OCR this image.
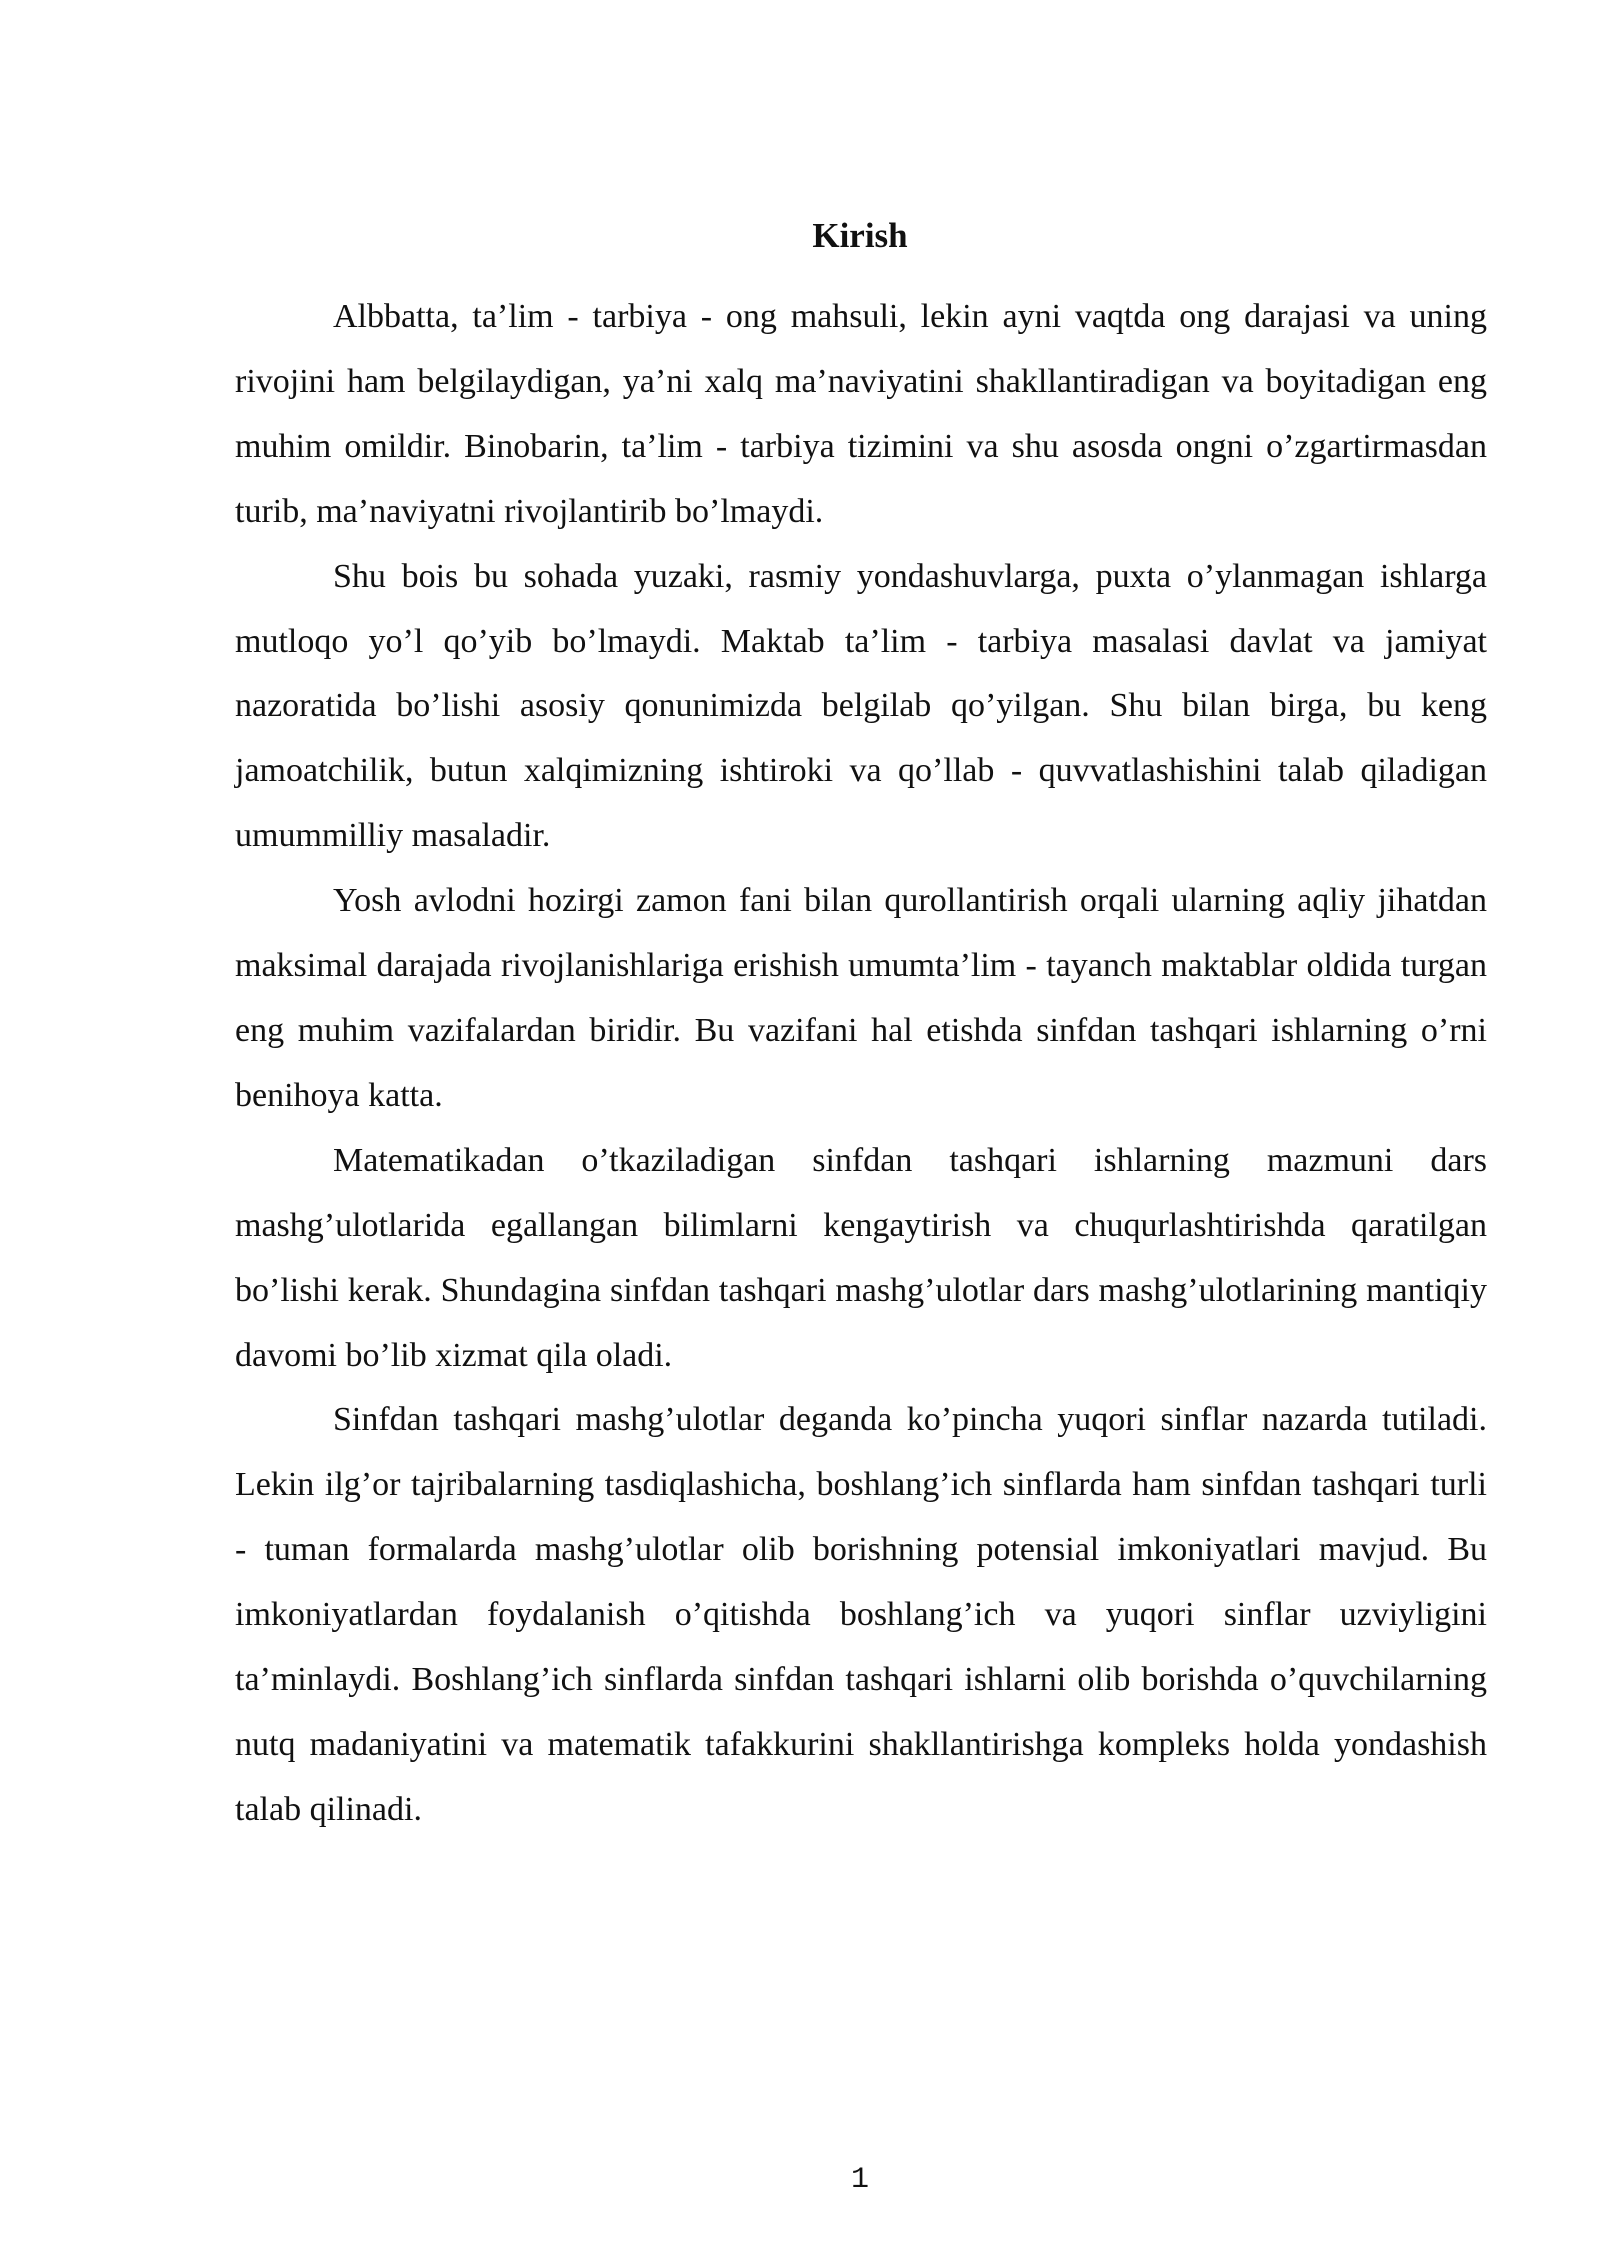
Kirish

Albbatta, ta’lim - tarbiya - ong mahsuli, lekin ayni vaqtda ong darajasi va uning rivojini ham belgilaydigan, ya’ni xalq ma’naviyatini shakllantiradigan va boyitadigan eng muhim omildir. Binobarin, ta’lim - tarbiya tizimini va shu asosda ongni o’zgartirmasdan turib, ma’naviyatni rivojlantirib bo’lmaydi.

Shu bois bu sohada yuzaki, rasmiy yondashuvlarga, puxta o’ylanmagan ishlarga mutloqo yo’l qo’yib bo’lmaydi. Maktab ta’lim - tarbiya masalasi davlat va jamiyat nazoratida bo’lishi asosiy qonunimizda belgilab qo’yilgan. Shu bilan birga, bu keng jamoatchilik, butun xalqimizning ishtiroki va qo’llab - quvvatlashishini talab qiladigan umummilliy masaladir.

Yosh avlodni hozirgi zamon fani bilan qurollantirish orqali ularning aqliy jihatdan maksimal darajada rivojlanishlariga erishish umumta’lim - tayanch maktablar oldida turgan eng muhim vazifalardan biridir. Bu vazifani hal etishda sinfdan tashqari ishlarning o’rni benihoya katta.

Matematikadan o’tkaziladigan sinfdan tashqari ishlarning mazmuni dars mashg’ulotlarida egallangan bilimlarni kengaytirish va chuqurlashtirishda qaratilgan bo’lishi kerak. Shundagina sinfdan tashqari mashg’ulotlar dars mashg’ulotlarining mantiqiy davomi bo’lib xizmat qila oladi.

Sinfdan tashqari mashg’ulotlar deganda ko’pincha yuqori sinflar nazarda tutiladi. Lekin ilg’or tajribalarning tasdiqlashicha, boshlang’ich sinflarda ham sinfdan tashqari turli - tuman formalarda mashg’ulotlar olib borishning potensial imkoniyatlari mavjud. Bu imkoniyatlardan foydalanish o’qitishda boshlang’ich va yuqori sinflar uzviyligini ta’minlaydi. Boshlang’ich sinflarda sinfdan tashqari ishlarni olib borishda o’quvchilarning nutq madaniyatini va matematik tafakkurini shakllantirishga kompleks holda yondashish talab qilinadi.

1
